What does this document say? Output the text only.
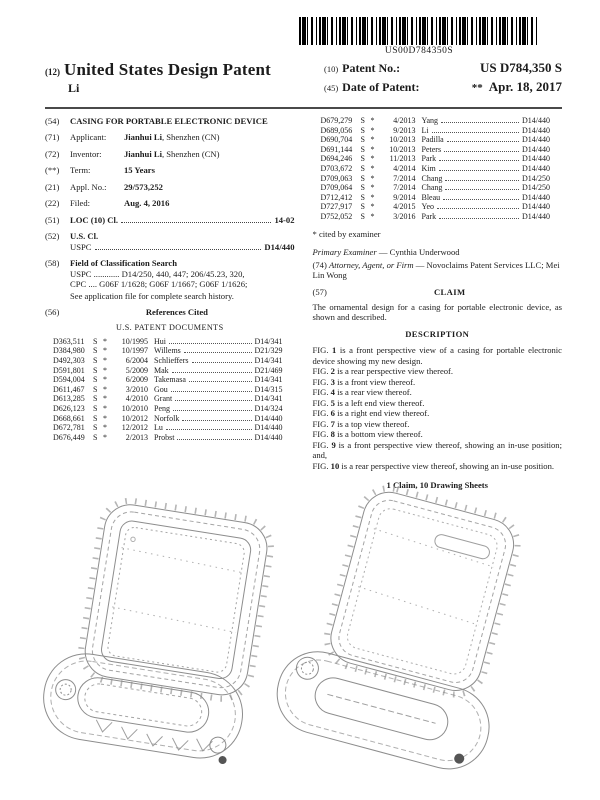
US00D784350S
(12) United States Design Patent
Li
(10) Patent No.:	US D784,350 S
(45) Date of Patent:	** Apr. 18, 2017
(54)	CASING FOR PORTABLE ELECTRONIC DEVICE
(71)	Applicant: Jianhui Li, Shenzhen (CN)
(72)	Inventor:	Jianhui Li, Shenzhen (CN)
(**)	Term:	15 Years
(21)	Appl. No.: 29/573,252
(22)	Filed:	Aug. 4, 2016
(51)	LOC (10) Cl.	14-02
(52)	U.S. Cl.
USPC	D14/440
(58)	Field of Classification Search
USPC ............ D14/250, 440, 447; 206/45.23, 320,
CPC .... G06F 1/1628; G06F 1/1667; G06F 1/1626;
See application file for complete search history.
(56)	References Cited
U.S. PATENT DOCUMENTS
D363,511	S *	10/1995 Hui	D14/341
D384,980	S *	10/1997 Willems	D21/329
D492,303	S *	6/2004 Schlieffers	D14/341
D591,801	S *	5/2009 Mak	D21/469
D594,004	S *	6/2009 Takemasa	D14/341
D611,467	S *	3/2010 Gou	D14/315
D613,285	S *	4/2010 Grant	D14/341
D626,123	S *	10/2010 Peng	D14/324
D668,661	S *	10/2012 Norfolk	D14/440
D672,781	S *	12/2012 Lu	D14/440
D676,449	S *	2/2013 Probst	D14/440
D679,279	S *	4/2013 Yang	D14/440
D689,056	S *	9/2013 Li	D14/440
D690,704	S *	10/2013 Padilla	D14/440
D691,144	S *	10/2013 Peters	D14/440
D694,246	S *	11/2013 Park	D14/440
D703,672	S *	4/2014 Kim	D14/440
D709,063	S *	7/2014 Chang	D14/250
D709,064	S *	7/2014 Chang	D14/250
D712,412	S *	9/2014 Bleau	D14/440
D727,917	S *	4/2015 Yeo	D14/440
D752,052	S *	3/2016 Park	D14/440
* cited by examiner
Primary Examiner — Cynthia Underwood
(74) Attorney, Agent, or Firm — Novoclaims Patent Services LLC; Mei Lin Wong
(57)	CLAIM
The ornamental design for a casing for portable electronic device, as shown and described.
DESCRIPTION
FIG. 1 is a front perspective view of a casing for portable electronic device showing my new design.
FIG. 2 is a rear perspective view thereof.
FIG. 3 is a front view thereof.
FIG. 4 is a rear view thereof.
FIG. 5 is a left end view thereof.
FIG. 6 is a right end view thereof.
FIG. 7 is a top view thereof.
FIG. 8 is a bottom view thereof.
FIG. 9 is a front perspective view thereof, showing an in-use position; and,
FIG. 10 is a rear perspective view thereof, showing an in-use position.
1 Claim, 10 Drawing Sheets
